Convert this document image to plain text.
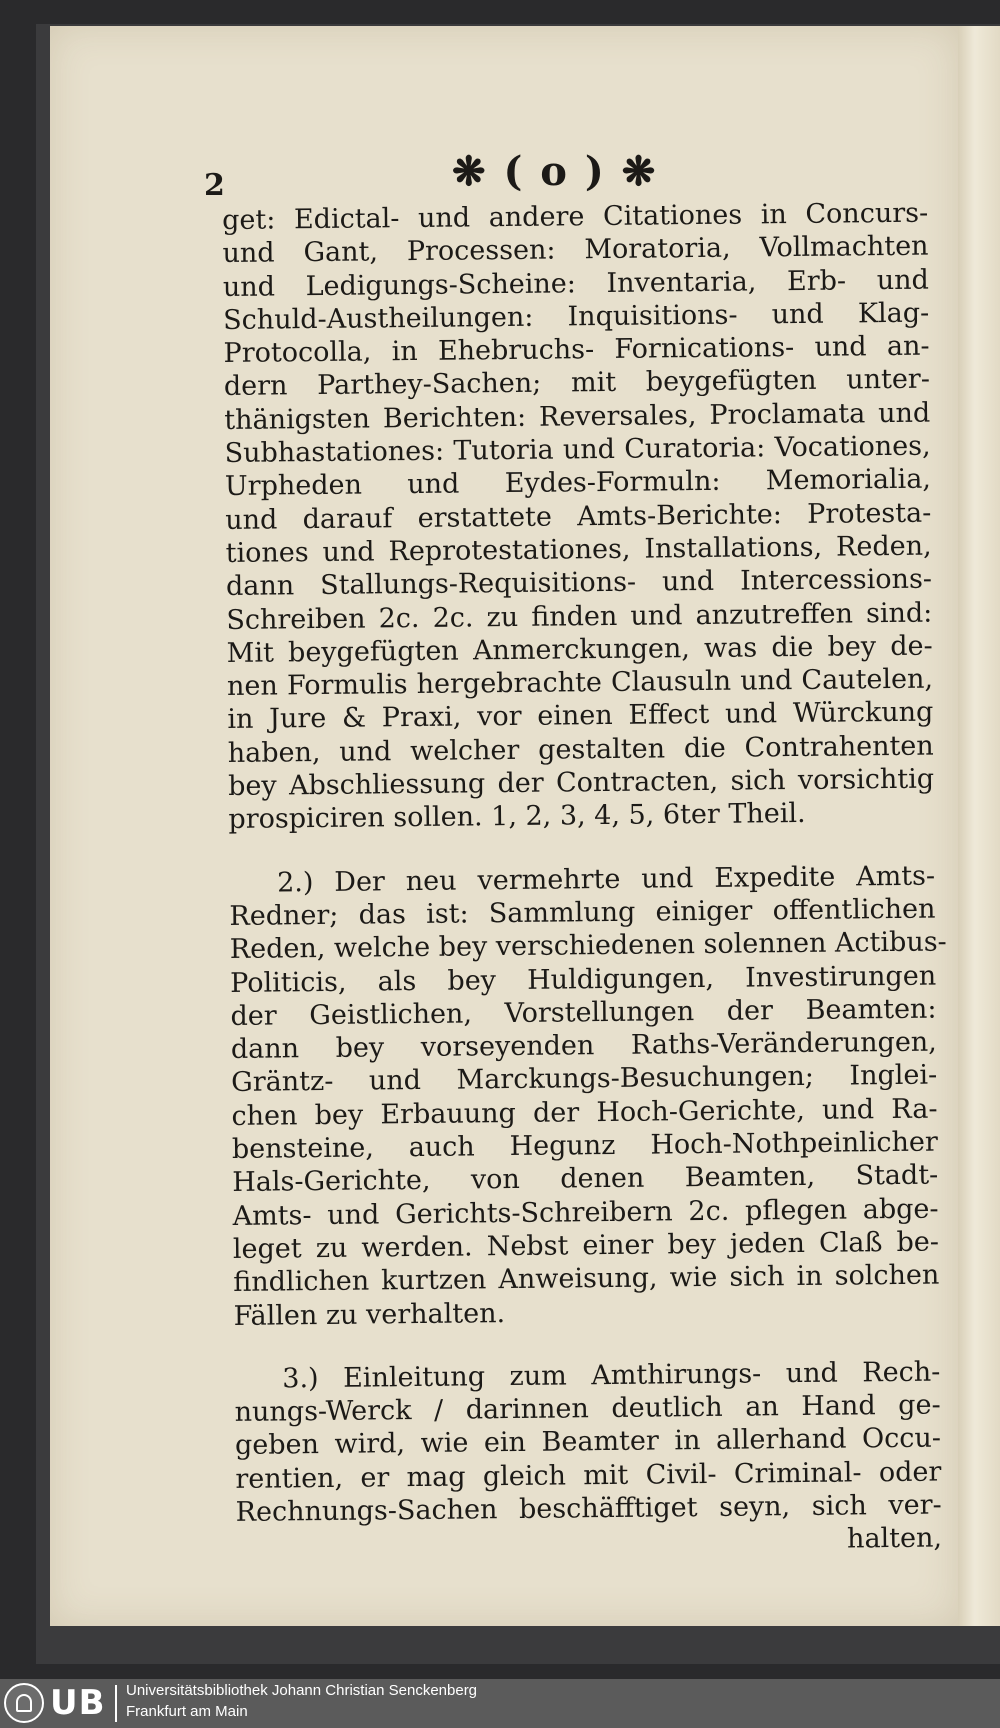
2	❋ ( o ) ❋
get: Edictal- und andere Citationes in Concurs-
und Gant, Processen: Moratoria, Vollmachten
und Ledigungs-Scheine: Inventaria, Erb- und
Schuld-Austheilungen: Inquisitions- und Klag-
Protocolla, in Ehebruchs- Fornications- und an-
dern Parthey-Sachen; mit beygefügten unter-
thänigsten Berichten: Reversales, Proclamata und
Subhastationes: Tutoria und Curatoria: Vocationes,
Urpheden und Eydes-Formuln: Memorialia,
und darauf erstattete Amts-Berichte: Protesta-
tiones und Reprotestationes, Installations, Reden,
dann Stallungs-Requisitions- und Intercessions-
Schreiben 2c. 2c. zu finden und anzutreffen sind:
Mit beygefügten Anmerckungen, was die bey de-
nen Formulis hergebrachte Clausuln und Cautelen,
in Jure & Praxi, vor einen Effect und Würckung
haben, und welcher gestalten die Contrahenten
bey Abschliessung der Contracten, sich vorsichtig
prospiciren sollen. 1, 2, 3, 4, 5, 6ter Theil.
2.) Der neu vermehrte und Expedite Amts-
Redner; das ist: Sammlung einiger offentlichen
Reden, welche bey verschiedenen solennen Actibus-
Politicis, als bey Huldigungen, Investirungen
der Geistlichen, Vorstellungen der Beamten:
dann bey vorseyenden Raths-Veränderungen,
Gräntz- und Marckungs-Besuchungen; Inglei-
chen bey Erbauung der Hoch-Gerichte, und Ra-
bensteine, auch Hegunz Hoch-Nothpeinlicher
Hals-Gerichte, von denen Beamten, Stadt-
Amts- und Gerichts-Schreibern 2c. pflegen abge-
leget zu werden. Nebst einer bey jeden Claß be-
findlichen kurtzen Anweisung, wie sich in solchen
Fällen zu verhalten.
3.) Einleitung zum Amthirungs- und Rech-
nungs-Werck / darinnen deutlich an Hand ge-
geben wird, wie ein Beamter in allerhand Occu-
rentien, er mag gleich mit Civil- Criminal- oder
Rechnungs-Sachen beschäfftiget seyn, sich ver-
halten,
UB Universitätsbibliothek Johann Christian Senckenberg
Frankfurt am Main
